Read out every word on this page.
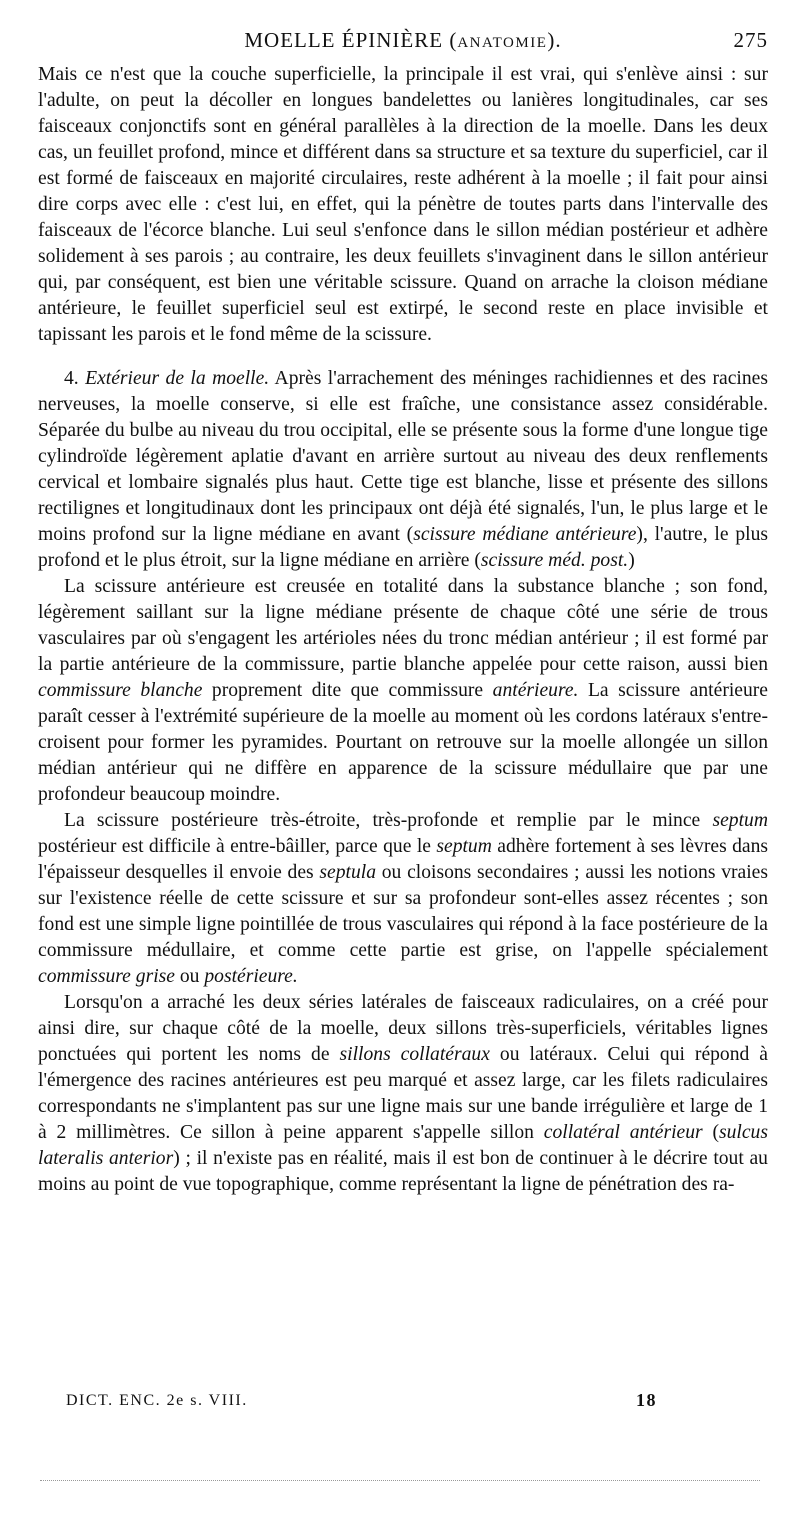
MOELLE ÉPINIÈRE (ANATOMIE).	275

Mais ce n'est que la couche superficielle, la principale il est vrai, qui s'enlève ainsi : sur l'adulte, on peut la décoller en longues bandelettes ou lanières longitudinales, car ses faisceaux conjonctifs sont en général parallèles à la direction de la moelle. Dans les deux cas, un feuillet profond, mince et différent dans sa structure et sa texture du superficiel, car il est formé de faisceaux en majorité circulaires, reste adhérent à la moelle ; il fait pour ainsi dire corps avec elle : c'est lui, en effet, qui la pénètre de toutes parts dans l'intervalle des faisceaux de l'écorce blanche. Lui seul s'enfonce dans le sillon médian postérieur et adhère solidement à ses parois ; au contraire, les deux feuillets s'invaginent dans le sillon antérieur qui, par conséquent, est bien une véritable scissure. Quand on arrache la cloison médiane antérieure, le feuillet superficiel seul est extirpé, le second reste en place invisible et tapissant les parois et le fond même de la scissure.

4. Extérieur de la moelle. Après l'arrachement des méninges rachidiennes et des racines nerveuses, la moelle conserve, si elle est fraîche, une consistance assez considérable. Séparée du bulbe au niveau du trou occipital, elle se présente sous la forme d'une longue tige cylindroïde légèrement aplatie d'avant en arrière surtout au niveau des deux renflements cervical et lombaire signalés plus haut. Cette tige est blanche, lisse et présente des sillons rectilignes et longitudinaux dont les principaux ont déjà été signalés, l'un, le plus large et le moins profond sur la ligne médiane en avant (scissure médiane antérieure), l'autre, le plus profond et le plus étroit, sur la ligne médiane en arrière (scissure méd. post.)

La scissure antérieure est creusée en totalité dans la substance blanche ; son fond, légèrement saillant sur la ligne médiane présente de chaque côté une série de trous vasculaires par où s'engagent les artérioles nées du tronc médian antérieur ; il est formé par la partie antérieure de la commissure, partie blanche appelée pour cette raison, aussi bien commissure blanche proprement dite que commissure antérieure. La scissure antérieure paraît cesser à l'extrémité supérieure de la moelle au moment où les cordons latéraux s'entre-croisent pour former les pyramides. Pourtant on retrouve sur la moelle allongée un sillon médian antérieur qui ne diffère en apparence de la scissure médullaire que par une profondeur beaucoup moindre.

La scissure postérieure très-étroite, très-profonde et remplie par le mince septum postérieur est difficile à entre-bâiller, parce que le septum adhère fortement à ses lèvres dans l'épaisseur desquelles il envoie des septula ou cloisons secondaires ; aussi les notions vraies sur l'existence réelle de cette scissure et sur sa profondeur sont-elles assez récentes ; son fond est une simple ligne pointillée de trous vasculaires qui répond à la face postérieure de la commissure médullaire, et comme cette partie est grise, on l'appelle spécialement commissure grise ou postérieure.

Lorsqu'on a arraché les deux séries latérales de faisceaux radiculaires, on a créé pour ainsi dire, sur chaque côté de la moelle, deux sillons très-superficiels, véritables lignes ponctuées qui portent les noms de sillons collatéraux ou latéraux. Celui qui répond à l'émergence des racines antérieures est peu marqué et assez large, car les filets radiculaires correspondants ne s'implantent pas sur une ligne mais sur une bande irrégulière et large de 1 à 2 millimètres. Ce sillon à peine apparent s'appelle sillon collatéral antérieur (sulcus lateralis anterior) ; il n'existe pas en réalité, mais il est bon de continuer à le décrire tout au moins au point de vue topographique, comme représentant la ligne de pénétration des ra-

DICT. ENC. 2e s. VIII.	18
